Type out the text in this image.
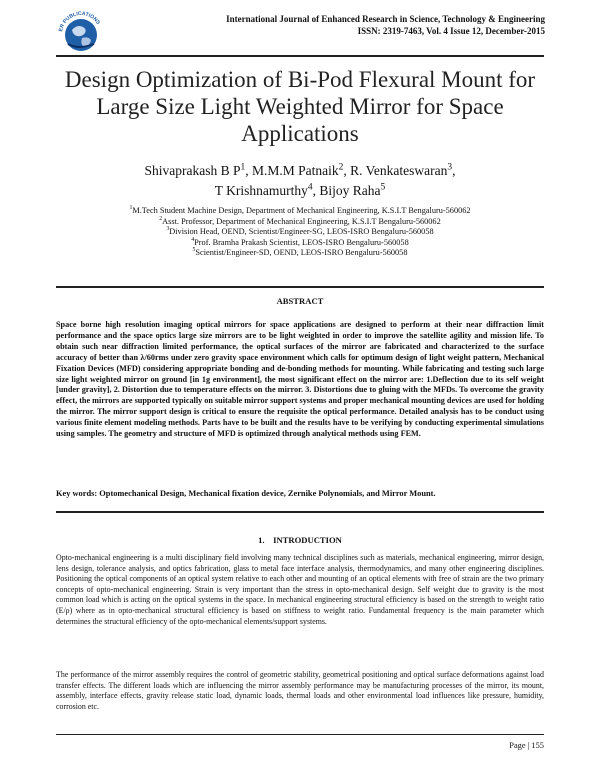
ER PUBLICATIONS	International Journal of Enhanced Research in Science, Technology & Engineering
ISSN: 2319-7463, Vol. 4 Issue 12, December-2015
Design Optimization of Bi-Pod Flexural Mount for Large Size Light Weighted Mirror for Space Applications
Shivaprakash B $P^1$, M.M.M Patnaik$^2$, R. Venkateswaran$^3$,
T Krishnamurthy$^4$, Bijoy Raha$^5$
$^1$M.Tech Student Machine Design, Department of Mechanical Engineering, K.S.I.T Bengaluru-560062
$^2$Asst. Professor, Department of Mechanical Engineering, K.S.I.T Bengaluru-560062
$^3$Division Head, OEND, Scientist/Engineer-SG, LEOS-ISRO Bengaluru-560058
$^4$Prof. Bramha Prakash Scientist, LEOS-ISRO Bengaluru-560058
$^5$Scientist/Engineer-SD, OEND, LEOS-ISRO Bengaluru-560058
ABSTRACT
Space borne high resolution imaging optical mirrors for space applications are designed to perform at their near diffraction limit performance and the space optics large size mirrors are to be light weighted in order to improve the satellite agility and mission life. To obtain such near diffraction limited performance, the optical surfaces of the mirror are fabricated and characterized to the surface accuracy of better than λ/60rms under zero gravity space environment which calls for optimum design of light weight pattern, Mechanical Fixation Devices (MFD) considering appropriate bonding and de-bonding methods for mounting. While fabricating and testing such large size light weighted mirror on ground [in 1g environment], the most significant effect on the mirror are: 1.Deflection due to its self weight [under gravity], 2. Distortion due to temperature effects on the mirror. 3. Distortions due to gluing with the MFDs. To overcome the gravity effect, the mirrors are supported typically on suitable mirror support systems and proper mechanical mounting devices are used for holding the mirror. The mirror support design is critical to ensure the requisite the optical performance. Detailed analysis has to be conduct using various finite element modeling methods. Parts have to be built and the results have to be verifying by conducting experimental simulations using samples. The geometry and structure of MFD is optimized through analytical methods using FEM.
Key words: Optomechanical Design, Mechanical fixation device, Zernike Polynomials, and Mirror Mount.
1.    INTRODUCTION
Opto-mechanical engineering is a multi disciplinary field involving many technical disciplines such as materials, mechanical engineering, mirror design, lens design, tolerance analysis, and optics fabrication, glass to metal face interface analysis, thermodynamics, and many other engineering disciplines. Positioning the optical components of an optical system relative to each other and mounting of an optical elements with free of strain are the two primary concepts of opto-mechanical engineering. Strain is very important than the stress in opto-mechanical design. Self weight due to gravity is the most common load which is acting on the optical systems in the space. In mechanical engineering structural efficiency is based on the strength to weight ratio (E/ρ) where as in opto-mechanical structural efficiency is based on stiffness to weight ratio. Fundamental frequency is the main parameter which determines the structural efficiency of the opto-mechanical elements/support systems.
The performance of the mirror assembly requires the control of geometric stability, geometrical positioning and optical surface deformations against load transfer effects. The different loads which are influencing the mirror assembly performance may be manufacturing processes of the mirror, its mount, assembly, interface effects, gravity release static load, dynamic loads, thermal loads and other environmental load influences like pressure, humidity, corrosion etc.
Page | 155
